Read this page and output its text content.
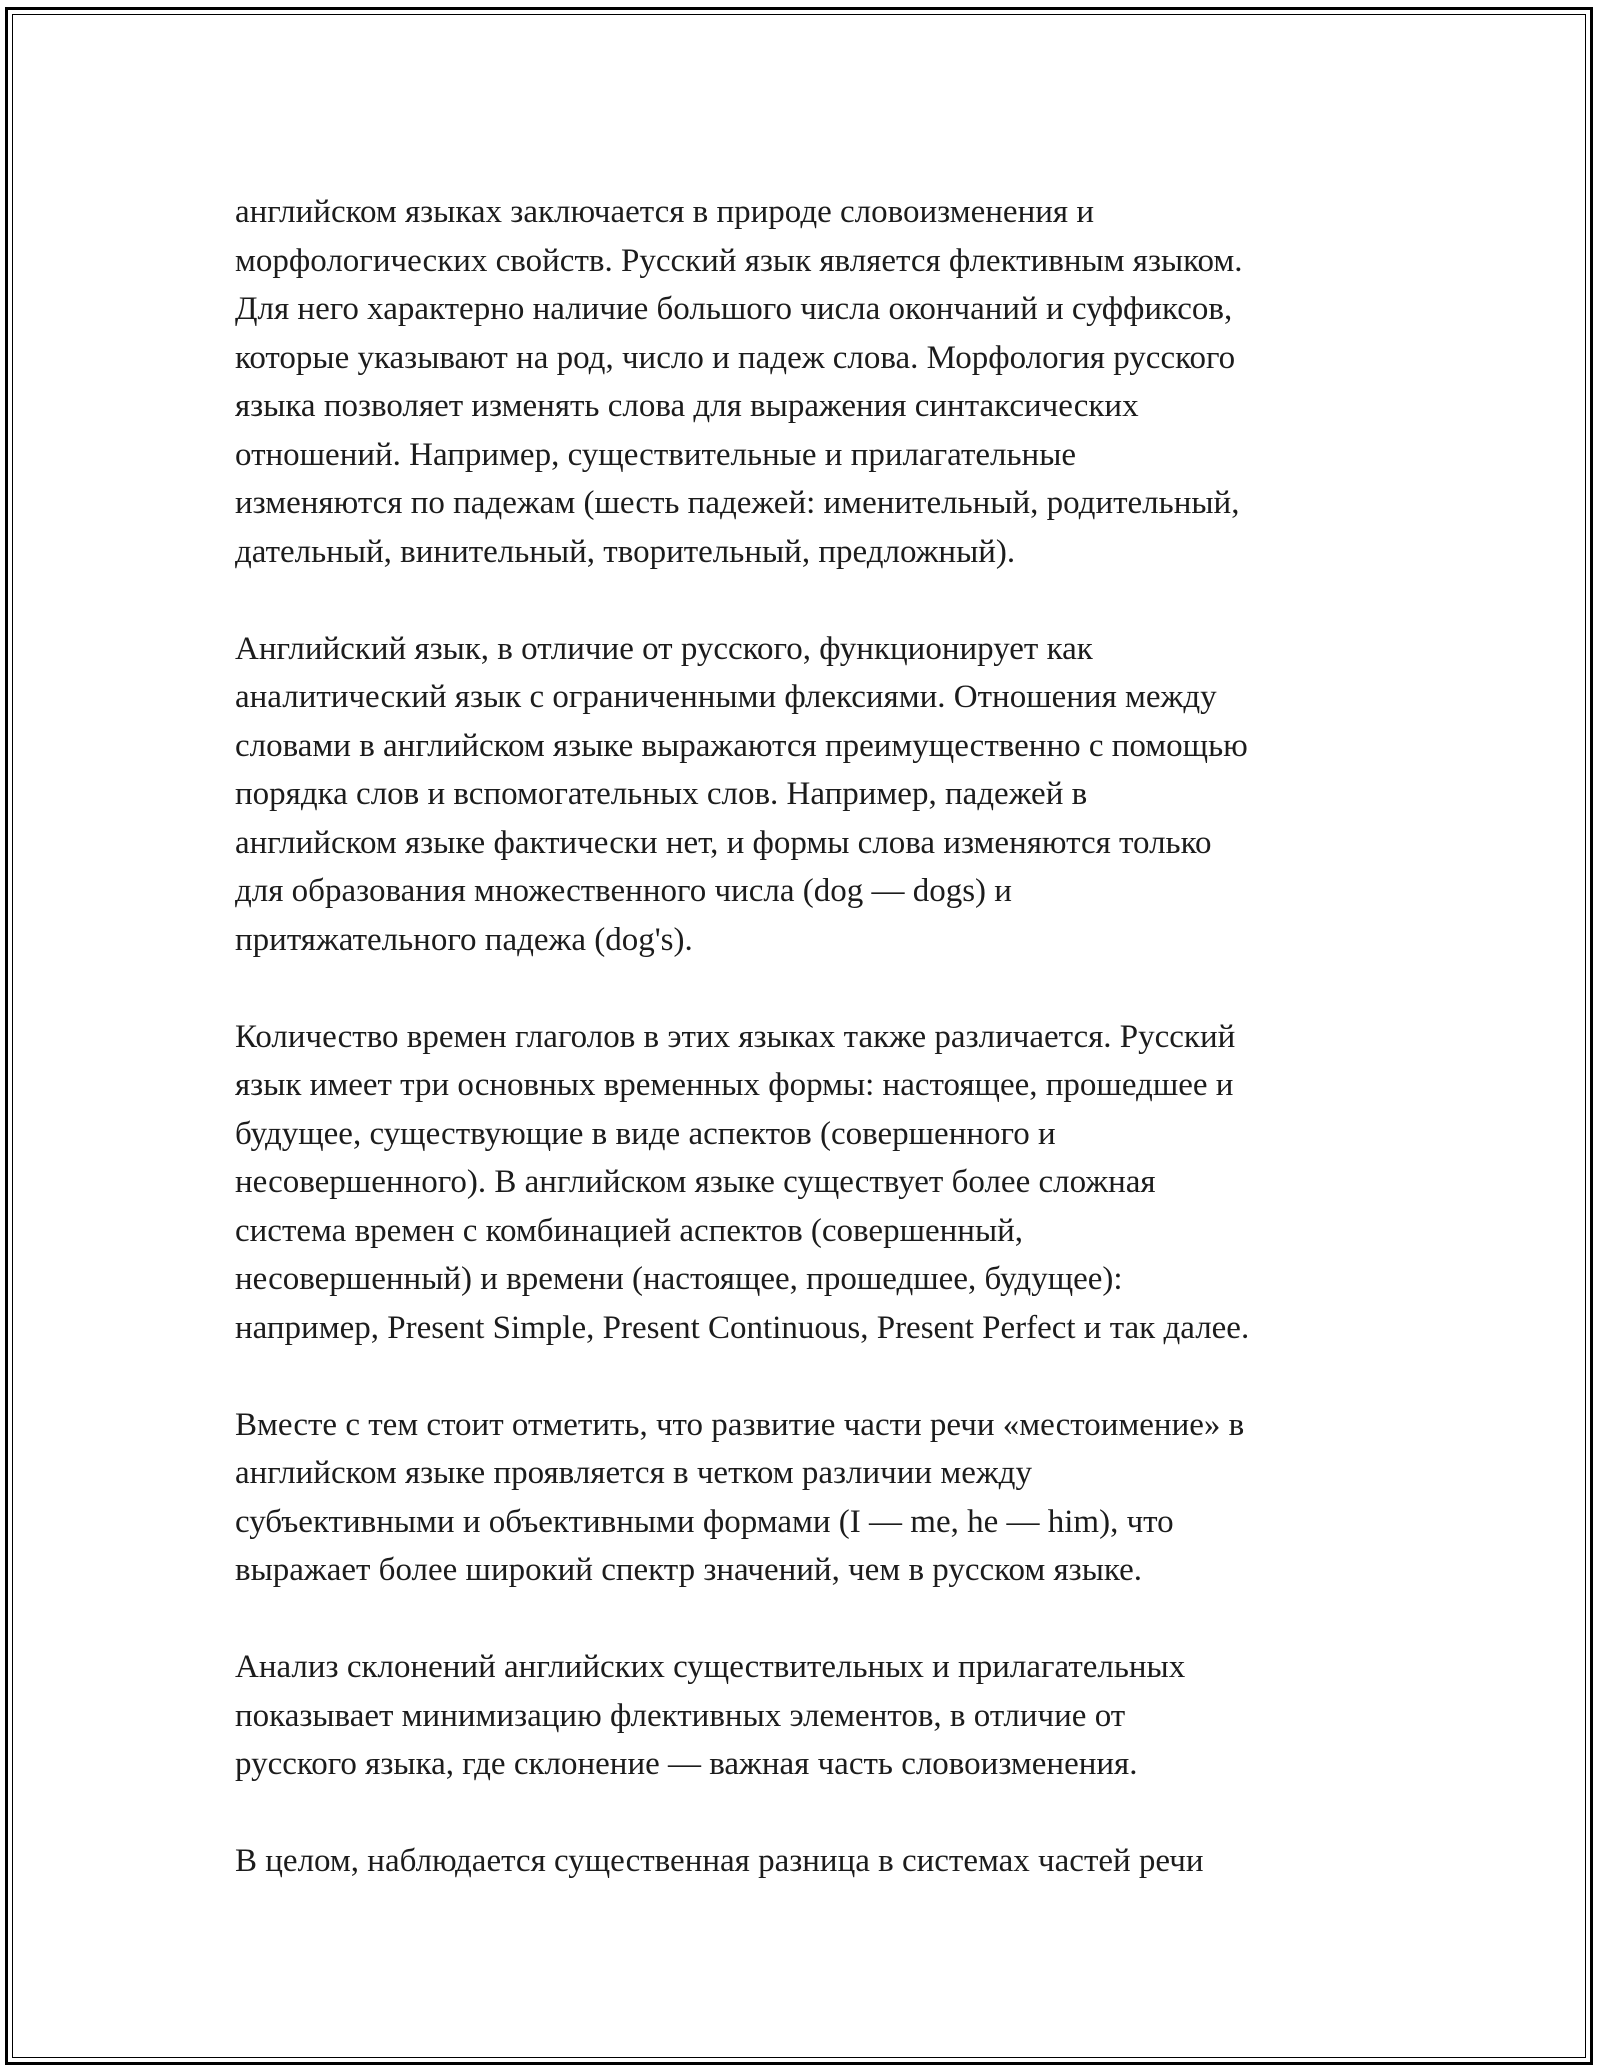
английском языках заключается в природе словоизменения и
морфологических свойств. Русский язык является флективным языком.
Для него характерно наличие большого числа окончаний и суффиксов,
которые указывают на род, число и падеж слова. Морфология русского
языка позволяет изменять слова для выражения синтаксических
отношений. Например, существительные и прилагательные
изменяются по падежам (шесть падежей: именительный, родительный,
дательный, винительный, творительный, предложный).

Английский язык, в отличие от русского, функционирует как
аналитический язык с ограниченными флексиями. Отношения между
словами в английском языке выражаются преимущественно с помощью
порядка слов и вспомогательных слов. Например, падежей в
английском языке фактически нет, и формы слова изменяются только
для образования множественного числа (dog — dogs) и
притяжательного падежа (dog's).

Количество времен глаголов в этих языках также различается. Русский
язык имеет три основных временных формы: настоящее, прошедшее и
будущее, существующие в виде аспектов (совершенного и
несовершенного). В английском языке существует более сложная
система времен с комбинацией аспектов (совершенный,
несовершенный) и времени (настоящее, прошедшее, будущее):
например, Present Simple, Present Continuous, Present Perfect и так далее.

Вместе с тем стоит отметить, что развитие части речи «местоимение» в
английском языке проявляется в четком различии между
субъективными и объективными формами (I — me, he — him), что
выражает более широкий спектр значений, чем в русском языке.

Анализ склонений английских существительных и прилагательных
показывает минимизацию флективных элементов, в отличие от
русского языка, где склонение — важная часть словоизменения.

В целом, наблюдается существенная разница в системах частей речи
